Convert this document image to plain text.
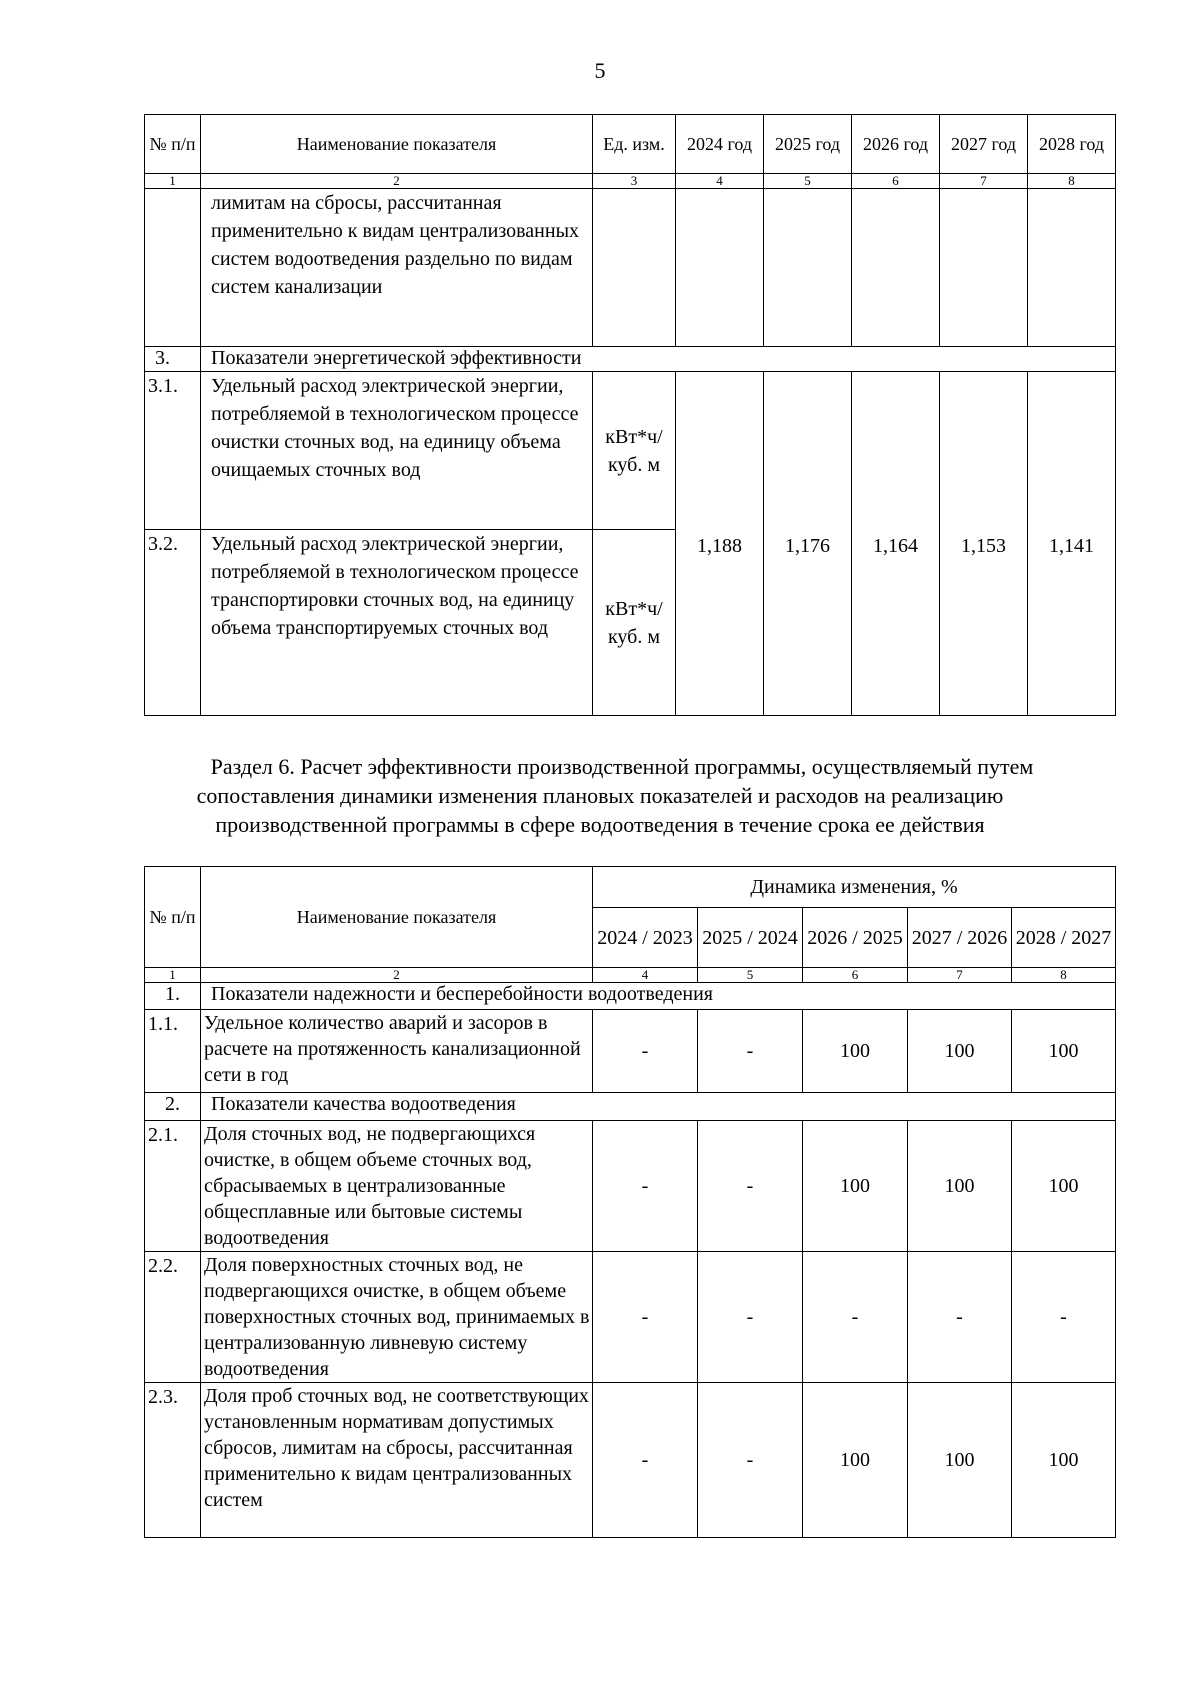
5
№ п/п	Наименование показателя	Ед. изм.	2024 год	2025 год	2026 год	2027 год	2028 год
1	2	3	4	5	6	7	8
	лимитам на сбросы, рассчитанная применительно к видам централизованных систем водоотведения раздельно по видам систем канализации						
3.	Показатели энергетической эффективности						
3.1.	Удельный расход электрической энергии, потребляемой в технологическом процессе очистки сточных вод, на единицу объема очищаемых сточных вод	кВт*ч/ куб. м	1,188	1,176	1,164	1,153	1,141
3.2.	Удельный расход электрической энергии, потребляемой в технологическом процессе транспортировки сточных вод, на единицу объема транспортируемых сточных вод	кВт*ч/ куб. м					
Раздел 6. Расчет эффективности производственной программы, осуществляемый путем
сопоставления динамики изменения плановых показателей и расходов на реализацию
производственной программы в сфере водоотведения в течение срока ее действия
№ п/п	Наименование показателя	Динамика изменения, %				
		2024 / 2023	2025 / 2024	2026 / 2025	2027 / 2026	2028 / 2027
1	2	4	5	6	7	8
1.	Показатели надежности и бесперебойности водоотведения					
1.1.	Удельное количество аварий и засоров в расчете на протяженность канализационной сети в год	-	-	100	100	100
2.	Показатели качества водоотведения					
2.1.	Доля сточных вод, не подвергающихся очистке, в общем объеме сточных вод, сбрасываемых в централизованные общесплавные или бытовые системы водоотведения	-	-	100	100	100
2.2.	Доля поверхностных сточных вод, не подвергающихся очистке, в общем объеме поверхностных сточных вод, принимаемых в централизованную ливневую систему водоотведения	-	-	-	-	-
2.3.	Доля проб сточных вод, не соответствующих установленным нормативам допустимых сбросов, лимитам на сбросы, рассчитанная применительно к видам централизованных систем	-	-	100	100	100
